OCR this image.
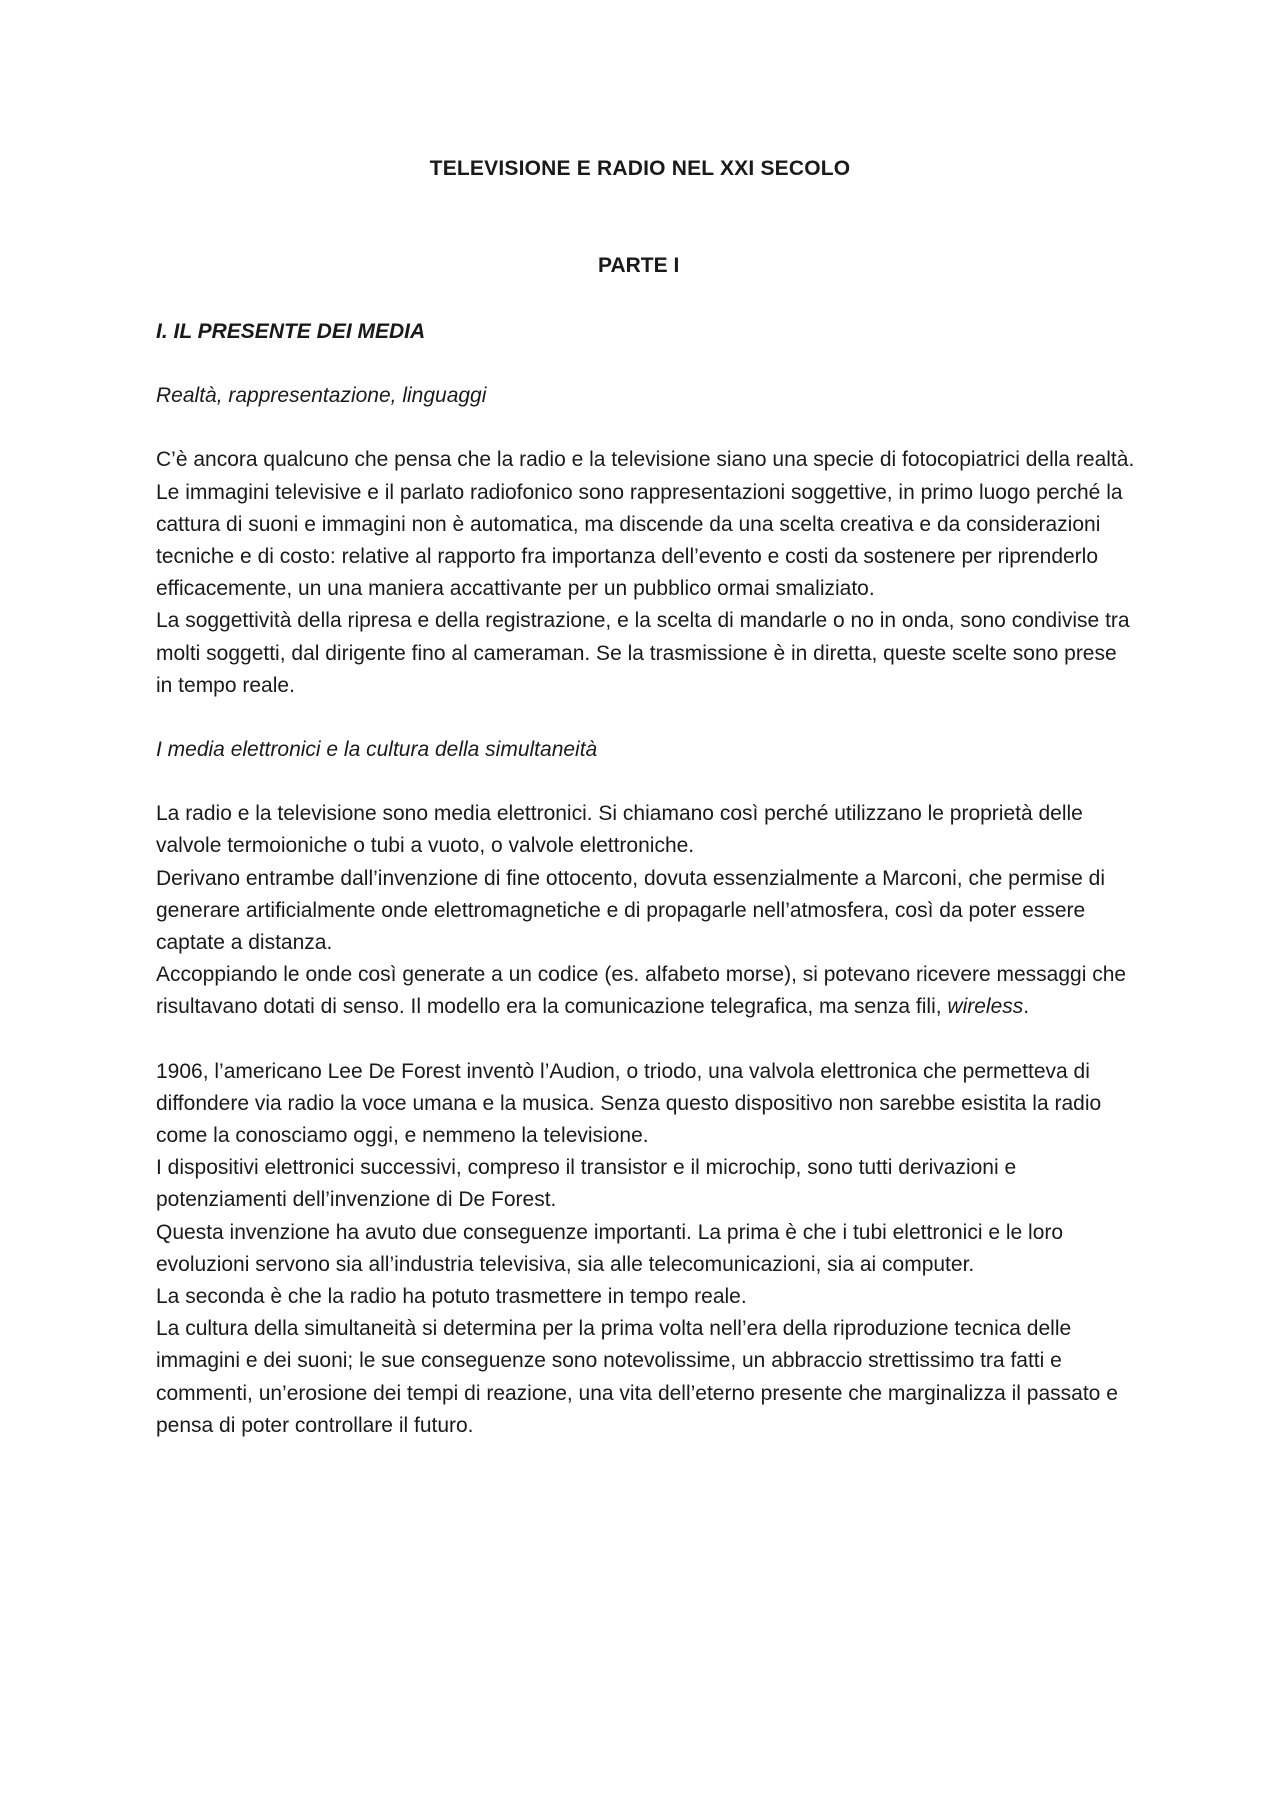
TELEVISIONE E RADIO NEL XXI SECOLO
PARTE I

I. IL PRESENTE DEI MEDIA

Realtà, rappresentazione, linguaggi

C’è ancora qualcuno che pensa che la radio e la televisione siano una specie di fotocopiatrici della realtà.

Le immagini televisive e il parlato radiofonico sono rappresentazioni soggettive, in primo luogo perché la cattura di suoni e immagini non è automatica, ma discende da una scelta creativa e da considerazioni tecniche e di costo: relative al rapporto fra importanza dell’evento e costi da sostenere per riprenderlo efficacemente, un una maniera accattivante per un pubblico ormai smaliziato.

La soggettività della ripresa e della registrazione, e la scelta di mandarle o no in onda, sono condivise tra molti soggetti, dal dirigente fino al cameraman. Se la trasmissione è in diretta, queste scelte sono prese in tempo reale.

I media elettronici e la cultura della simultaneità

La radio e la televisione sono media elettronici. Si chiamano così perché utilizzano le proprietà delle valvole termoioniche o tubi a vuoto, o valvole elettroniche.

Derivano entrambe dall’invenzione di fine ottocento, dovuta essenzialmente a Marconi, che permise di generare artificialmente onde elettromagnetiche e di propagarle nell’atmosfera, così da poter essere captate a distanza.

Accoppiando le onde così generate a un codice (es. alfabeto morse), si potevano ricevere messaggi che risultavano dotati di senso. Il modello era la comunicazione telegrafica, ma senza fili, wireless.

1906, l’americano Lee De Forest inventò l’Audion, o triodo, una valvola elettronica che permetteva di diffondere via radio la voce umana e la musica. Senza questo dispositivo non sarebbe esistita la radio come la conosciamo oggi, e nemmeno la televisione.

I dispositivi elettronici successivi, compreso il transistor e il microchip, sono tutti derivazioni e potenziamenti dell’invenzione di De Forest.

Questa invenzione ha avuto due conseguenze importanti. La prima è che i tubi elettronici e le loro evoluzioni servono sia all’industria televisiva, sia alle telecomunicazioni, sia ai computer.

La seconda è che la radio ha potuto trasmettere in tempo reale.

La cultura della simultaneità si determina per la prima volta nell’era della riproduzione tecnica delle immagini e dei suoni; le sue conseguenze sono notevolissime, un abbraccio strettissimo tra fatti e commenti, un’erosione dei tempi di reazione, una vita dell’eterno presente che marginalizza il passato e pensa di poter controllare il futuro.
